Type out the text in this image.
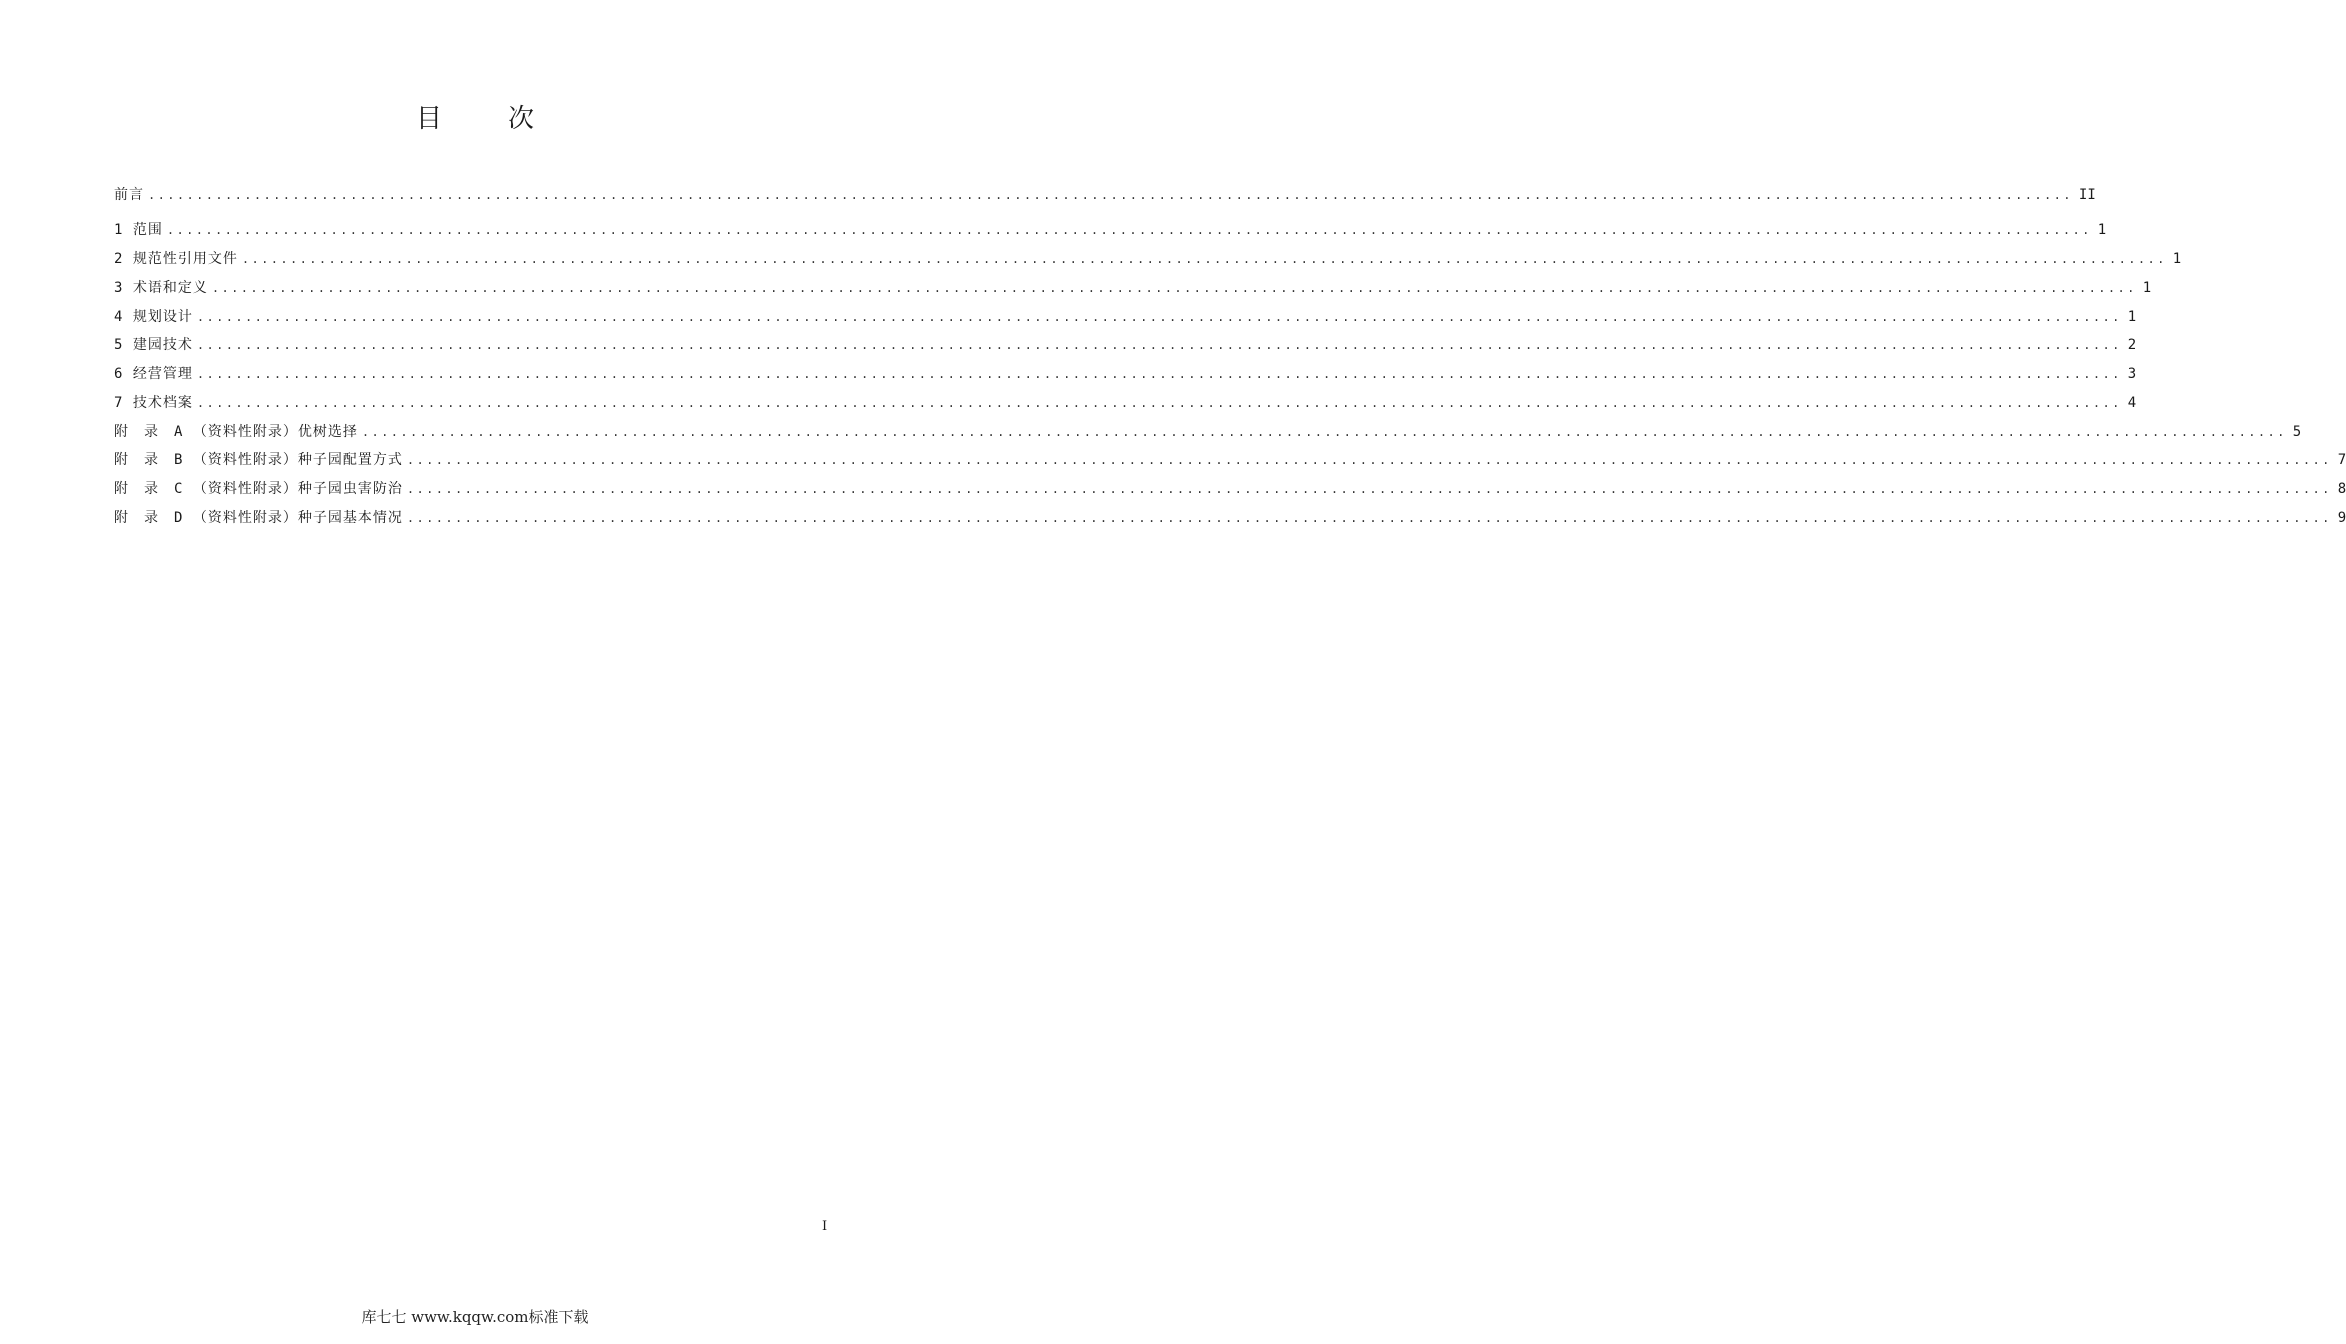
目　次
前言 ........................................................................................................................................................................................................ II
1 范围 ........................................................................................................................................................................................................ 1
2 规范性引用文件 ........................................................................................................................................................................................................ 1
3 术语和定义 ........................................................................................................................................................................................................ 1
4 规划设计 ........................................................................................................................................................................................................ 1
5 建园技术 ........................................................................................................................................................................................................ 2
6 经营管理 ........................................................................................................................................................................................................ 3
7 技术档案 ........................................................................................................................................................................................................ 4
附　录　A （资料性附录）优树选择 ........................................................................................................................................................................................................ 5
附　录　B （资料性附录）种子园配置方式 ........................................................................................................................................................................................................ 7
附　录　C （资料性附录）种子园虫害防治 ........................................................................................................................................................................................................ 8
附　录　D （资料性附录）种子园基本情况 ........................................................................................................................................................................................................ 9
I
库七七 www.kqqw.com标准下载
